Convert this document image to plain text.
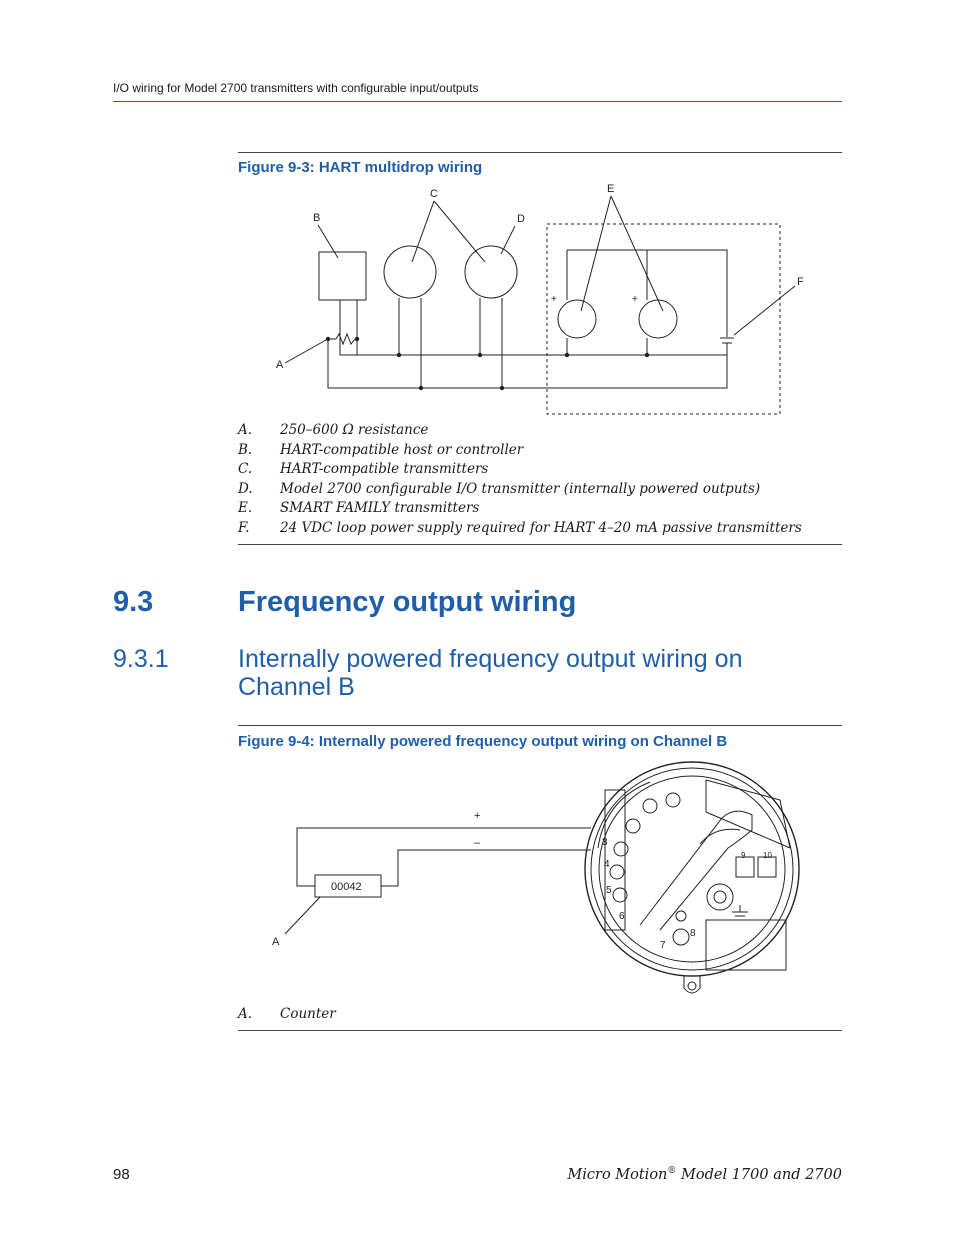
I/O wiring for Model 2700 transmitters with configurable input/outputs
Figure 9-3: HART multidrop wiring
B
C
D
E
F
A
+	+
A. 250–600 Ω resistance
B. HART-compatible host or controller
C. HART-compatible transmitters
D. Model 2700 configurable I/O transmitter (internally powered outputs)
E. SMART FAMILY transmitters
F. 24 VDC loop power supply required for HART 4–20 mA passive transmitters
9.3	Frequency output wiring
9.3.1	Internally powered frequency output wiring on Channel B
Figure 9-4: Internally powered frequency output wiring on Channel B
3
4
5
6
7
8
9 10
00042
+
–
A
A. Counter
98	Micro Motion® Model 1700 and 2700
